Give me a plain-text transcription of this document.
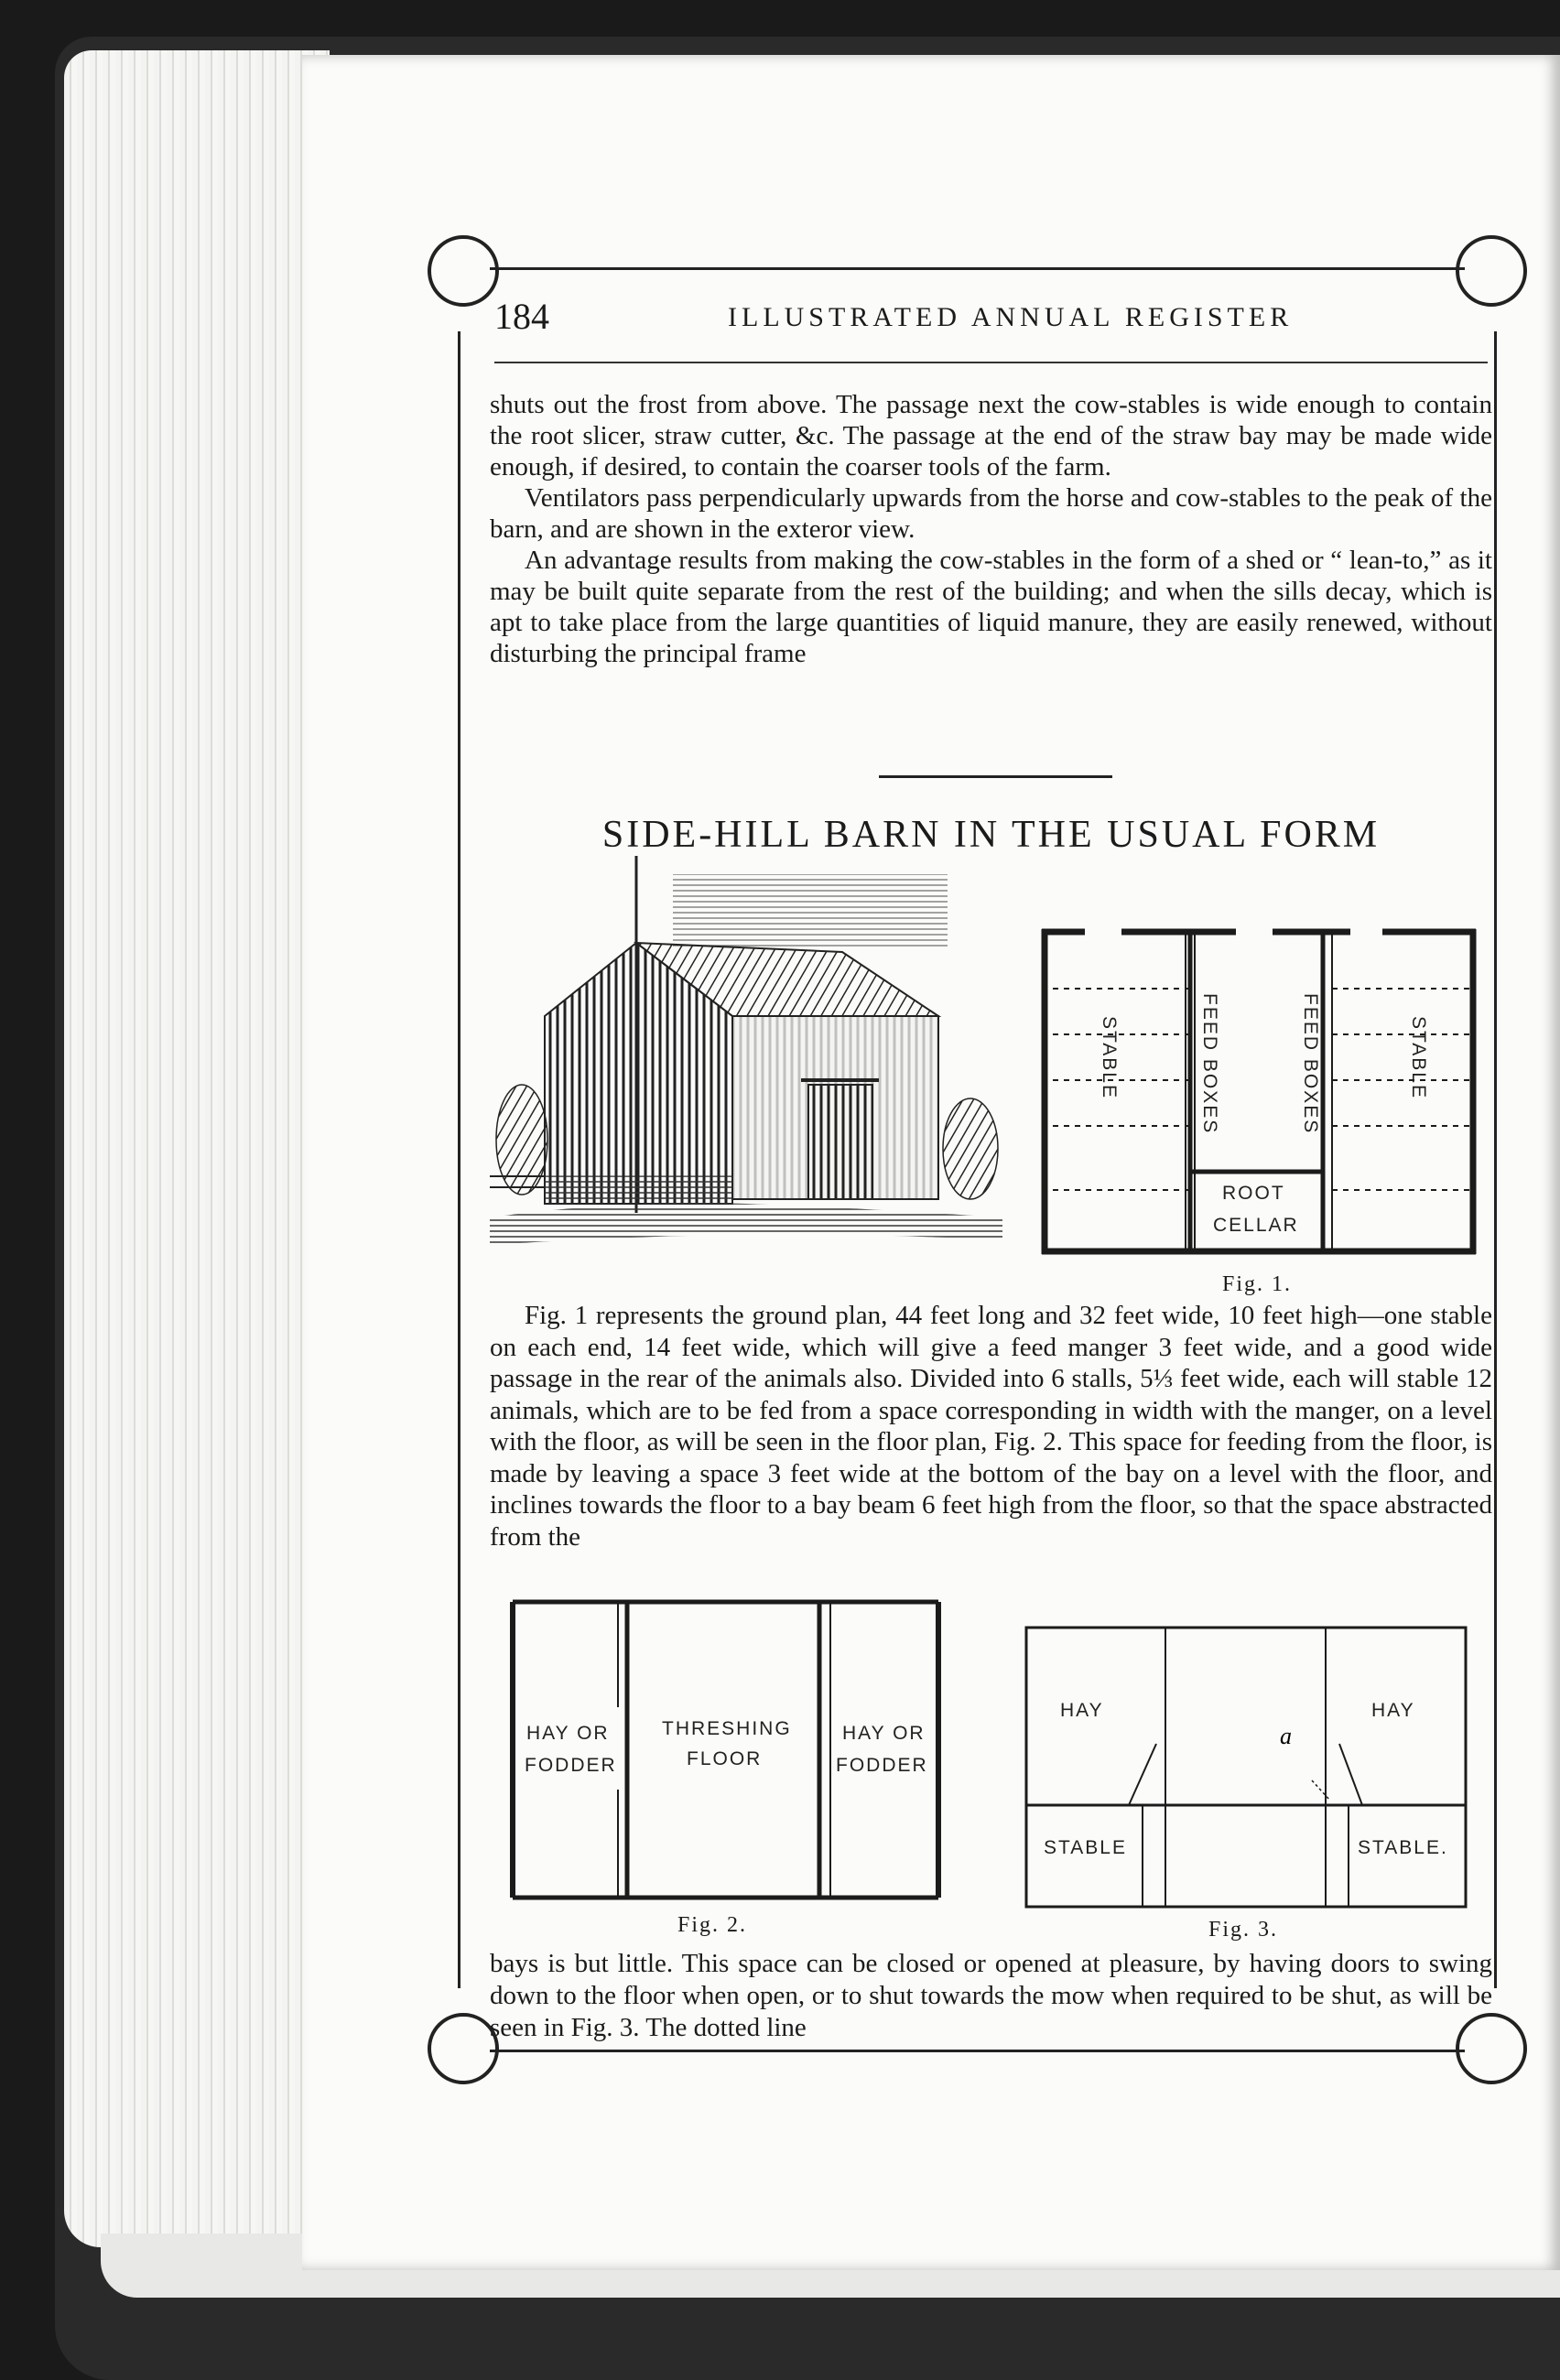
184	ILLUSTRATED ANNUAL REGISTER

shuts out the frost from above. The passage next the cow-stables is wide enough to contain the root slicer, straw cutter, &c. The passage at the end of the straw bay may be made wide enough, if desired, to contain the coarser tools of the farm.

Ventilators pass perpendicularly upwards from the horse and cow-stables to the peak of the barn, and are shown in the exteror view.

An advantage results from making the cow-stables in the form of a shed or “ lean-to,” as it may be built quite separate from the rest of the building; and when the sills decay, which is apt to take place from the large quantities of liquid manure, they are easily renewed, without disturbing the principal frame

SIDE-HILL BARN IN THE USUAL FORM
STABLE	FEED BOXES	FEED BOXES	STABLE
ROOT
CELLAR
Fig. 1.

Fig. 1 represents the ground plan, 44 feet long and 32 feet wide, 10 feet high—one stable on each end, 14 feet wide, which will give a feed manger 3 feet wide, and a good wide passage in the rear of the animals also. Divided into 6 stalls, 5⅓ feet wide, each will stable 12 animals, which are to be fed from a space corresponding in width with the manger, on a level with the floor, as will be seen in the floor plan, Fig. 2. This space for feeding from the floor, is made by leaving a space 3 feet wide at the bottom of the bay on a level with the floor, and inclines towards the floor to a bay beam 6 feet high from the floor, so that the space abstracted from the

HAY OR
FODDER
THRESHING
FLOOR
HAY OR
FODDER
Fig. 2.
HAY	HAY
a
STABLE	STABLE.
Fig. 3.

bays is but little. This space can be closed or opened at pleasure, by having doors to swing down to the floor when open, or to shut towards the mow when required to be shut, as will be seen in Fig. 3. The dotted line
